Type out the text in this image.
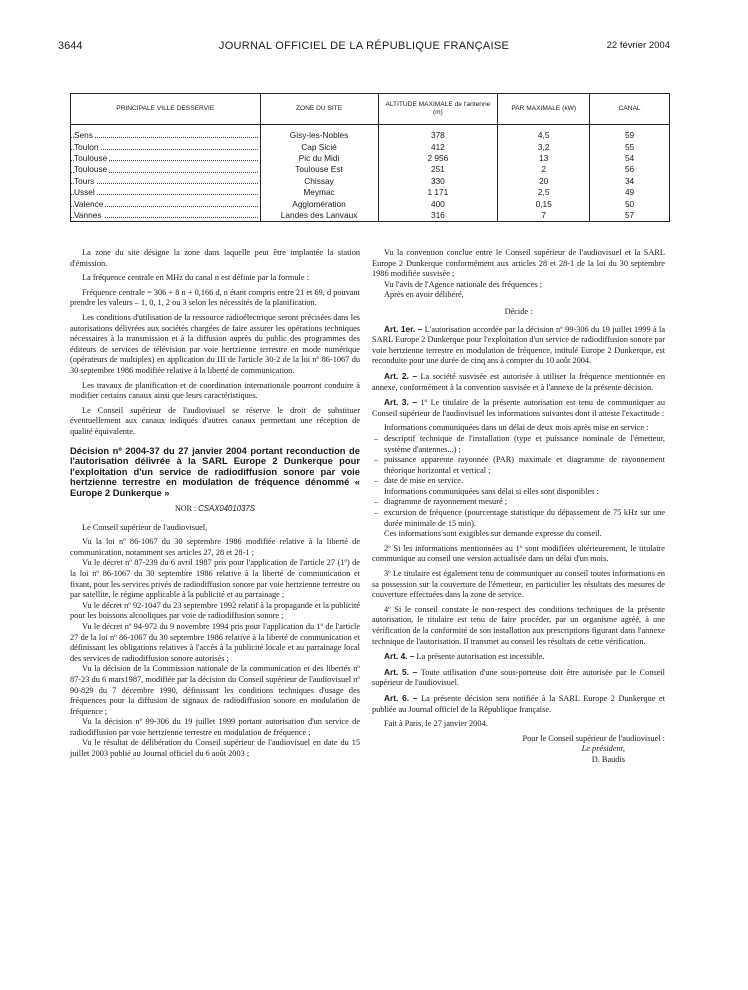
3644	JOURNAL OFFICIEL DE LA RÉPUBLIQUE FRANÇAISE	22 février 2004
PRINCIPALE VILLE DESSERVIE	ZONE DU SITE	ALTITUDE MAXIMALE de l'antenne (m)	PAR MAXIMALE (kW)	CANAL

Sens	Gisy-les-Nobles	378	4,5	59

Toulon	Cap Sicié	412	3,2	55

Toulouse	Pic du Midi	2 956	13	54

Toulouse	Toulouse Est	251	2	56

Tours	Chissay	330	20	34

Ussel	Meymac	1 171	2,5	49

Valence	Agglomération	400	0,15	50

Vannes	Landes des Lanvaux	316	7	57

La zone du site désigne la zone dans laquelle peut être implantée la station d'émission.

La fréquence centrale en MHz du canal n est définie par la formule :

Fréquence centrale = 306 + 8 n + 0,166 d, n étant compris entre 21 et 69, d pouvant prendre les valeurs – 1, 0, 1, 2 ou 3 selon les nécessités de la planification.

Les conditions d'utilisation de la ressource radioélectrique seront précisées dans les autorisations délivrées aux sociétés chargées de faire assurer les opérations techniques nécessaires à la transmission et à la diffusion auprès du public des programmes des éditeurs de services de télévision par voie hertzienne terrestre en mode numérique (opérateurs de multiplex) en application du III de l'article 30-2 de la loi nº 86-1067 du 30 septembre 1986 modifiée relative à la liberté de communication.

Les travaux de planification et de coordination internationale pourront conduire à modifier certains canaux ainsi que leurs caractéristiques.

Le Conseil supérieur de l'audiovisuel se réserve le droit de substituer éventuellement aux canaux indiqués d'autres canaux permettant une réception de qualité équivalente.

Décision nº 2004-37 du 27 janvier 2004 portant reconduction de l'autorisation délivrée à la SARL Europe 2 Dunkerque pour l'exploitation d'un service de radiodiffusion sonore par voie hertzienne terrestre en modulation de fréquence dénommé « Europe 2 Dunkerque »
NOR : CSAX0401037S

Le Conseil supérieur de l'audiovisuel,

Vu la loi nº 86-1067 du 30 septembre 1986 modifiée relative à la liberté de communication, notamment ses articles 27, 28 et 28-1 ;

Vu le décret nº 87-239 du 6 avril 1987 pris pour l'application de l'article 27 (1º) de la loi nº 86-1067 du 30 septembre 1986 relative à la liberté de communication et fixant, pour les services privés de radiodiffusion sonore par voie hertzienne terrestre ou par satellite, le régime applicable à la publicité et au parrainage ;

Vu le décret nº 92-1047 du 23 septembre 1992 relatif à la propagande et la publicité pour les boissons alcooliques par voie de radiodiffusion sonore ;

Vu le décret nº 94-972 du 9 novembre 1994 pris pour l'application du 1º de l'article 27 de la loi nº 86-1067 du 30 septembre 1986 relative à la liberté de communication et définissant les obligations relatives à l'accès à la publicité locale et au parrainage local des services de radiodiffusion sonore autorisés ;

Vu la décision de la Commission nationale de la communication et des libertés nº 87-23 du 6 mars1987, modifiée par la décision du Conseil supérieur de l'audiovisuel nº 90-829 du 7 décembre 1990, définissant les conditions techniques d'usage des fréquences pour la diffusion de signaux de radiodiffusion sonore en modulation de fréquence ;

Vu la décision nº 99-306 du 19 juillet 1999 portant autorisation d'un service de radiodiffusion par voie hertzienne terrestre en modulation de fréquence ;

Vu le résultat de délibération du Conseil supérieur de l'audiovisuel en date du 15 juillet 2003 publié au Journal officiel du 6 août 2003 ;

Vu la convention conclue entre le Conseil supérieur de l'audiovisuel et la SARL Europe 2 Dunkerque conformément aux articles 28 et 28-1 de la loi du 30 septembre 1986 modifiée susvisée ;

Vu l'avis de l'Agence nationale des fréquences ;

Après en avoir délibéré,

Décide :

Art. 1er. – L'autorisation accordée par la décision nº 99-306 du 19 juillet 1999 à la SARL Europe 2 Dunkerque pour l'exploitation d'un service de radiodiffusion sonore par voie hertzienne terrestre en modulation de fréquence, intitulé Europe 2 Dunkerque, est reconduite pour une durée de cinq ans à compter du 10 août 2004.

Art. 2. – La société susvisée est autorisée à utiliser la fréquence mentionnée en annexe, conformément à la convention susvisée et à l'annexe de la présente décision.

Art. 3. – 1º Le titulaire de la présente autorisation est tenu de communiquer au Conseil supérieur de l'audiovisuel les informations suivantes dont il atteste l'exactitude :

Informations communiquées dans un délai de deux mois après mise en service :

– descriptif technique de l'installation (type et puissance nominale de l'émetteur, système d'antennes...) ;

– puissance apparente rayonnée (PAR) maximale et diagramme de rayonnement théorique horizontal et vertical ;

– date de mise en service.

Informations communiquées sans délai si elles sont disponibles :

– diagramme de rayonnement mesuré ;

– excursion de fréquence (pourcentage statistique du dépassement de 75 kHz sur une durée minimale de 15 min).

Ces informations sont exigibles sur demande expresse du conseil.

2º Si les informations mentionnées au 1º sont modifiées ultérieurement, le titulaire communique au conseil une version actualisée dans un délai d'un mois.

3º Le titulaire est également tenu de communiquer au conseil toutes informations en sa possession sur la couverture de l'émetteur, en particulier les résultats des mesures de couverture effectuées dans la zone de service.

4º Si le conseil constate le non-respect des conditions techniques de la présente autorisation, le titulaire est tenu de faire procéder, par un organisme agréé, à une vérification de la conformité de son installation aux prescriptions figurant dans l'annexe technique de l'autorisation. Il transmet au conseil les résultats de cette vérification.

Art. 4. – La présente autorisation est incessible.

Art. 5. – Toute utilisation d'une sous-porteuse doit être autorisée par le Conseil supérieur de l'audiovisuel.

Art. 6. – La présente décision sera notifiée à la SARL Europe 2 Dunkerque et publiée au Journal officiel de la République française.

Fait à Paris, le 27 janvier 2004.

Pour le Conseil supérieur de l'audiovisuel :

Le président,

D. Baudis
